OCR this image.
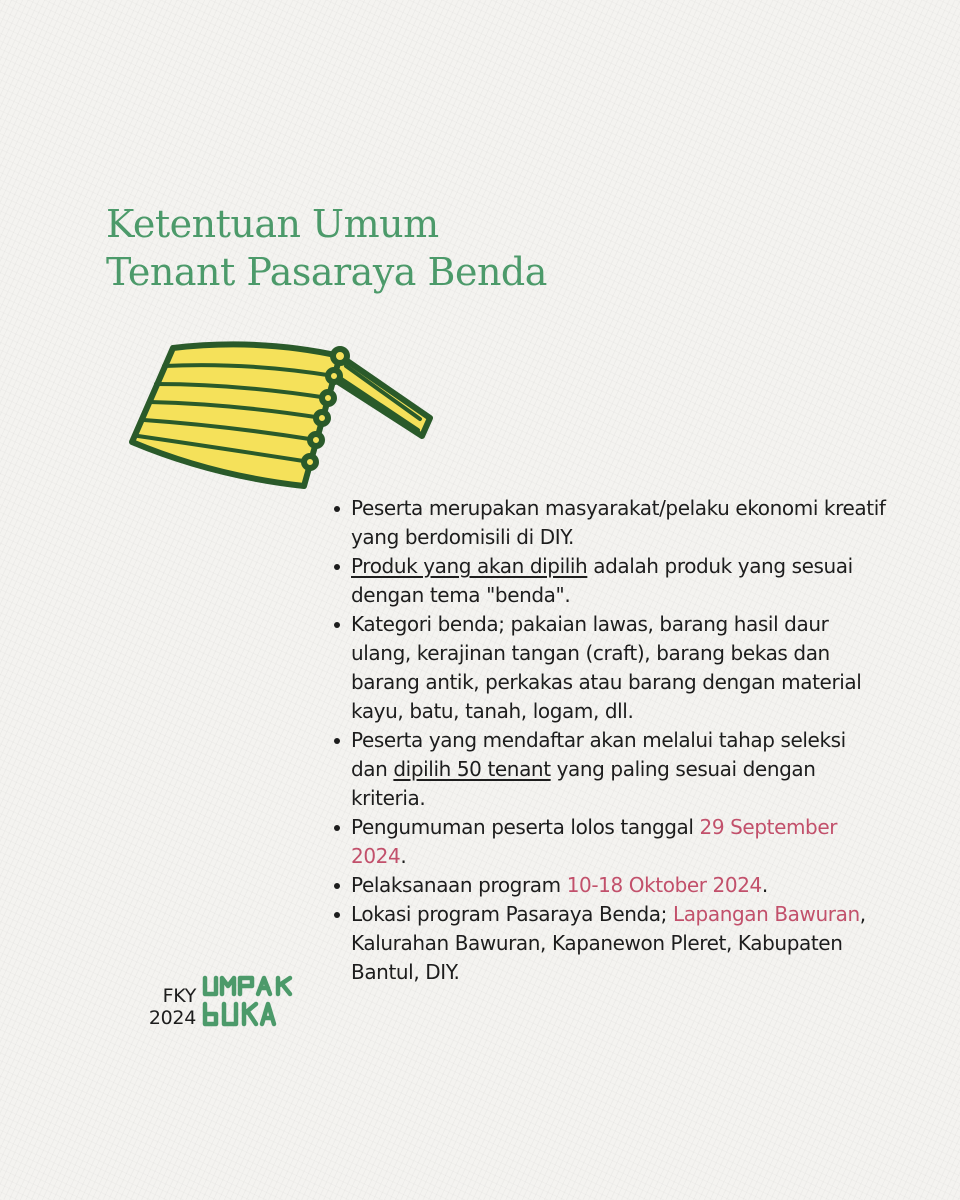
Ketentuan Umum
Tenant Pasaraya Benda
Peserta merupakan masyarakat/pelaku ekonomi kreatif yang berdomisili di DIY.
Produk yang akan dipilih adalah produk yang sesuai dengan tema "benda".
Kategori benda; pakaian lawas, barang hasil daur ulang, kerajinan tangan (craft), barang bekas dan barang antik, perkakas atau barang dengan material kayu, batu, tanah, logam, dll.
Peserta yang mendaftar akan melalui tahap seleksi dan dipilih 50 tenant yang paling sesuai dengan kriteria.
Pengumuman peserta lolos tanggal 29 September 2024.
Pelaksanaan program 10-18 Oktober 2024.
Lokasi program Pasaraya Benda; Lapangan Bawuran, Kalurahan Bawuran, Kapanewon Pleret, Kabupaten Bantul, DIY.
FKY
2024
